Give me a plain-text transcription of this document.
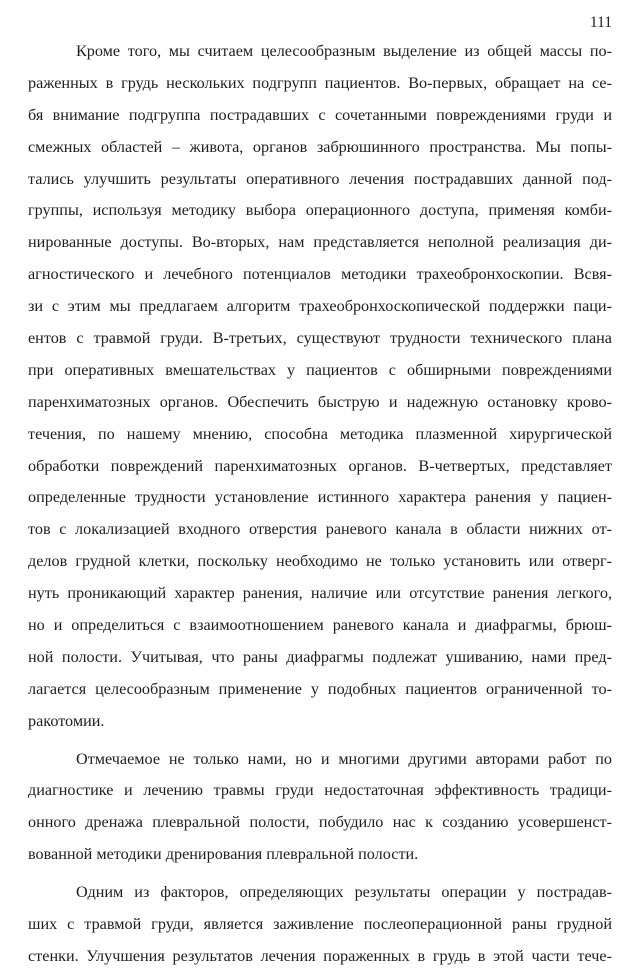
111
Кроме того, мы считаем целесообразным выделение из общей массы по-
раженных в грудь нескольких подгрупп пациентов. Во-первых, обращает на се-
бя внимание подгруппа пострадавших с сочетанными повреждениями груди и
смежных областей – живота, органов забрюшинного пространства. Мы попы-
тались улучшить результаты оперативного лечения пострадавших данной под-
группы, используя методику выбора операционного доступа, применяя комби-
нированные доступы. Во-вторых, нам представляется неполной реализация ди-
агностического и лечебного потенциалов методики трахеобронхоскопии. Всвя-
зи с этим мы предлагаем алгоритм трахеобронхоскопической поддержки паци-
ентов с травмой груди. В-третьих, существуют трудности технического плана
при оперативных вмешательствах у пациентов с обширными повреждениями
паренхиматозных органов. Обеспечить быструю и надежную остановку крово-
течения, по нашему мнению, способна методика плазменной хирургической
обработки повреждений паренхиматозных органов. В-четвертых, представляет
определенные трудности установление истинного характера ранения у пациен-
тов с локализацией входного отверстия раневого канала в области нижних от-
делов грудной клетки, поскольку необходимо не только установить или отверг-
нуть проникающий характер ранения, наличие или отсутствие ранения легкого,
но и определиться с взаимоотношением раневого канала и диафрагмы, брюш-
ной полости. Учитывая, что раны диафрагмы подлежат ушиванию, нами пред-
лагается целесообразным применение у подобных пациентов ограниченной то-
ракотомии.
Отмечаемое не только нами, но и многими другими авторами работ по
диагностике и лечению травмы груди недостаточная эффективность традици-
онного дренажа плевральной полости, побудило нас к созданию усовершенст-
вованной методики дренирования плевральной полости.
Одним из факторов, определяющих результаты операции у пострадав-
ших с травмой груди, является заживление послеоперационной раны грудной
стенки. Улучшения результатов лечения пораженных в грудь в этой части тече-
